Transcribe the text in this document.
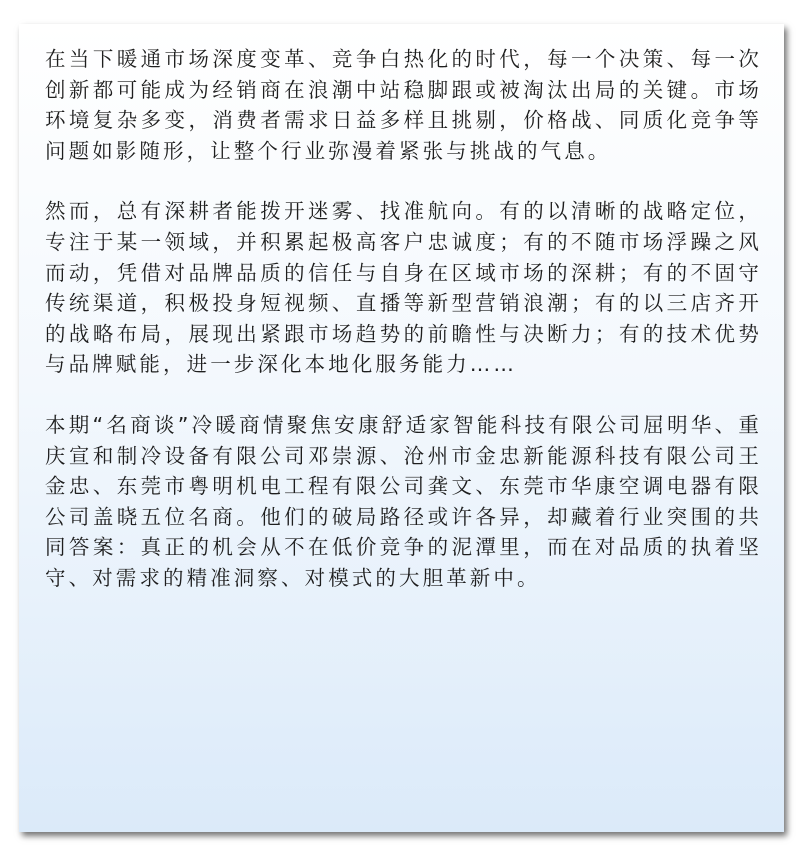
在当下暖通市场深度变革、竞争白热化的时代，每一个决策、每一次创新都可能成为经销商在浪潮中站稳脚跟或被淘汰出局的关键。市场环境复杂多变，消费者需求日益多样且挑剔，价格战、同质化竞争等问题如影随形，让整个行业弥漫着紧张与挑战的气息。

然而，总有深耕者能拨开迷雾、找准航向。有的以清晰的战略定位，专注于某一领域，并积累起极高客户忠诚度；有的不随市场浮躁之风而动，凭借对品牌品质的信任与自身在区域市场的深耕；有的不固守传统渠道，积极投身短视频、直播等新型营销浪潮；有的以三店齐开的战略布局，展现出紧跟市场趋势的前瞻性与决断力；有的技术优势与品牌赋能，进一步深化本地化服务能力……

本期“名商谈”冷暖商情聚焦安康舒适家智能科技有限公司屈明华、重庆宣和制冷设备有限公司邓崇源、沧州市金忠新能源科技有限公司王金忠、东莞市粤明机电工程有限公司龚文、东莞市华康空调电器有限公司盖晓五位名商。他们的破局路径或许各异，却藏着行业突围的共同答案：真正的机会从不在低价竞争的泥潭里，而在对品质的执着坚守、对需求的精准洞察、对模式的大胆革新中。
